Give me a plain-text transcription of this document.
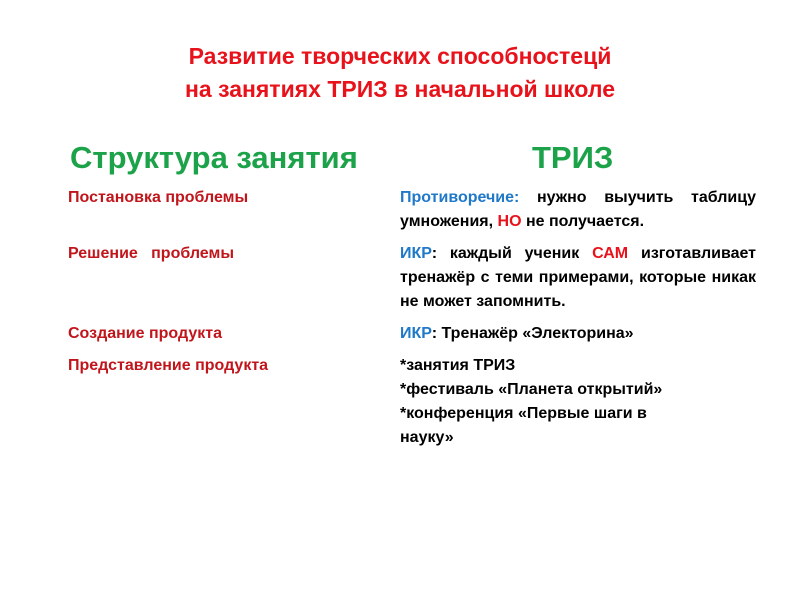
Развитие творческих способностецй
на занятиях ТРИЗ в начальной школе
Структура занятия	ТРИЗ
Постановка проблемы	Противоречие: нужно выучить таблицу умножения, НО не получается.
Решение   проблемы	ИКР: каждый ученик САМ изготавливает тренажёр с теми примерами, которые никак не может запомнить.
Создание продукта	ИКР: Тренажёр «Электорина»
Представление продукта	*занятия ТРИЗ
*фестиваль «Планета открытий»
*конференция «Первые шаги в
науку»
